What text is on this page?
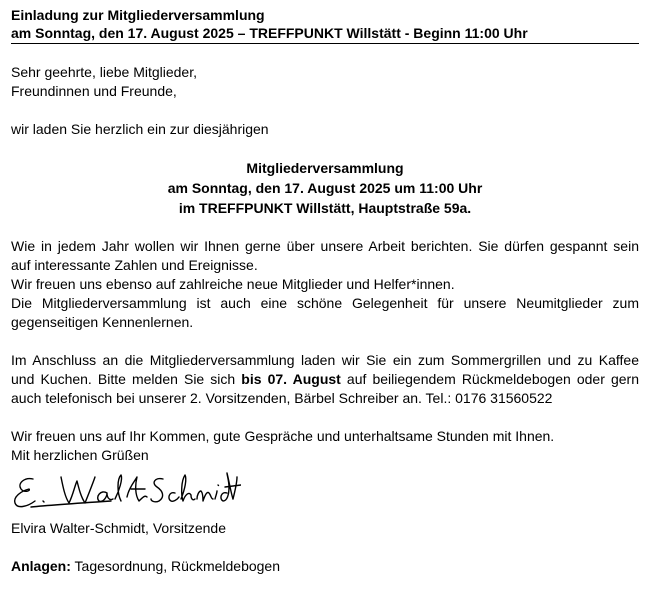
Einladung zur Mitgliederversammlung
am Sonntag, den 17. August 2025 – TREFFPUNKT Willstätt - Beginn 11:00 Uhr
Sehr geehrte, liebe Mitglieder,
Freundinnen und Freunde,
wir laden Sie herzlich ein zur diesjährigen
Mitgliederversammlung
am Sonntag, den 17. August 2025 um 11:00 Uhr
im TREFFPUNKT Willstätt, Hauptstraße 59a.
Wie in jedem Jahr wollen wir Ihnen gerne über unsere Arbeit berichten. Sie dürfen gespannt sein
auf interessante Zahlen und Ereignisse.
Wir freuen uns ebenso auf zahlreiche neue Mitglieder und Helfer*innen.
Die Mitgliederversammlung ist auch eine schöne Gelegenheit für unsere Neumitglieder zum
gegenseitigen Kennenlernen.
Im Anschluss an die Mitgliederversammlung laden wir Sie ein zum Sommergrillen und zu Kaffee
und Kuchen. Bitte melden Sie sich bis 07. August auf beiliegendem Rückmeldebogen oder gern
auch telefonisch bei unserer 2. Vorsitzenden, Bärbel Schreiber an. Tel.: 0176 31560522
Wir freuen uns auf Ihr Kommen, gute Gespräche und unterhaltsame Stunden mit Ihnen.
Mit herzlichen Grüßen
Elvira Walter-Schmidt, Vorsitzende
Anlagen: Tagesordnung, Rückmeldebogen
